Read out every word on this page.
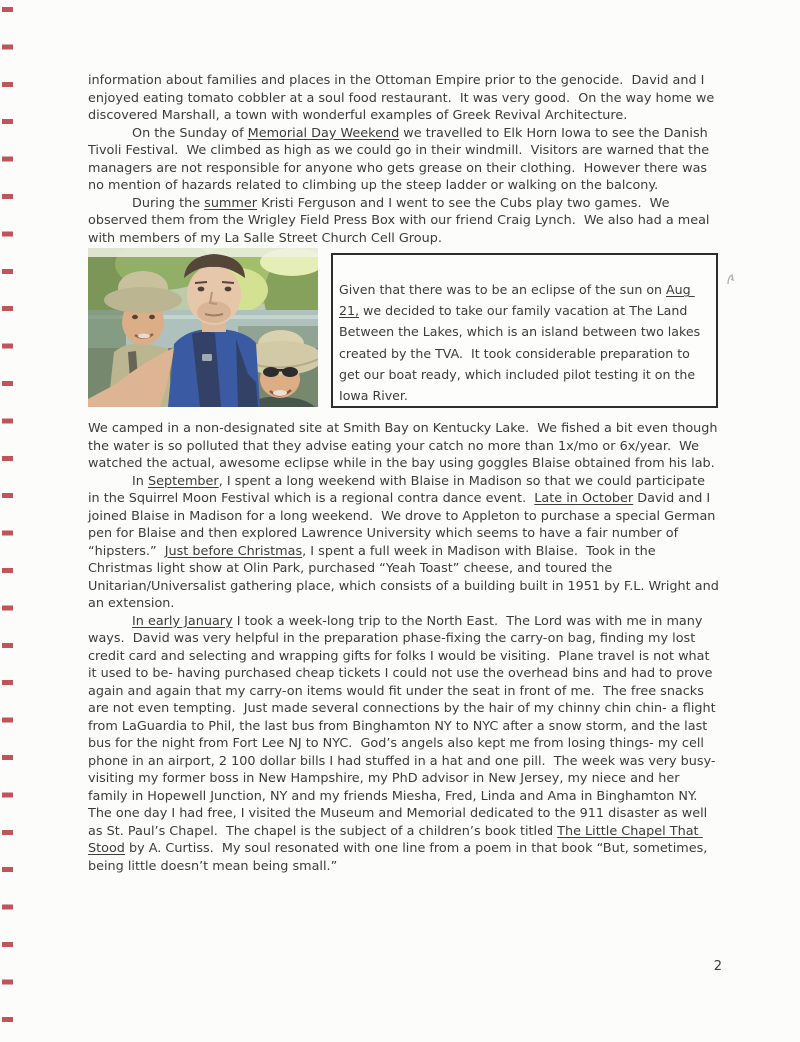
information about families and places in the Ottoman Empire prior to the genocide.  David and I enjoyed eating tomato cobbler at a soul food restaurant.  It was very good.  On the way home we discovered Marshall, a town with wonderful examples of Greek Revival Architecture.

On the Sunday of Memorial Day Weekend we travelled to Elk Horn Iowa to see the Danish Tivoli Festival.  We climbed as high as we could go in their windmill.  Visitors are warned that the managers are not responsible for anyone who gets grease on their clothing.  However there was no mention of hazards related to climbing up the steep ladder or walking on the balcony.

During the summer Kristi Ferguson and I went to see the Cubs play two games.  We observed them from the Wrigley Field Press Box with our friend Craig Lynch.  We also had a meal with members of my La Salle Street Church Cell Group.

Given that there was to be an eclipse of the sun on Aug 21, we decided to take our family vacation at The Land Between the Lakes, which is an island between two lakes created by the TVA.  It took considerable preparation to get our boat ready, which included pilot testing it on the Iowa River.

We camped in a non-designated site at Smith Bay on Kentucky Lake.  We fished a bit even though the water is so polluted that they advise eating your catch no more than 1x/mo or 6x/year.  We watched the actual, awesome eclipse while in the bay using goggles Blaise obtained from his lab.

In September, I spent a long weekend with Blaise in Madison so that we could participate in the Squirrel Moon Festival which is a regional contra dance event.  Late in October David and I joined Blaise in Madison for a long weekend.  We drove to Appleton to purchase a special German pen for Blaise and then explored Lawrence University which seems to have a fair number of “hipsters.”  Just before Christmas, I spent a full week in Madison with Blaise.  Took in the Christmas light show at Olin Park, purchased “Yeah Toast” cheese, and toured the Unitarian/Universalist gathering place, which consists of a building built in 1951 by F.L. Wright and an extension.

In early January I took a week-long trip to the North East.  The Lord was with me in many ways.  David was very helpful in the preparation phase-fixing the carry-on bag, finding my lost credit card and selecting and wrapping gifts for folks I would be visiting.  Plane travel is not what it used to be- having purchased cheap tickets I could not use the overhead bins and had to prove again and again that my carry-on items would fit under the seat in front of me.  The free snacks are not even tempting.  Just made several connections by the hair of my chinny chin chin- a flight from LaGuardia to Phil, the last bus from Binghamton NY to NYC after a snow storm, and the last bus for the night from Fort Lee NJ to NYC.  God’s angels also kept me from losing things- my cell phone in an airport, 2 100 dollar bills I had stuffed in a hat and one pill.  The week was very busy- visiting my former boss in New Hampshire, my PhD advisor in New Jersey, my niece and her family in Hopewell Junction, NY and my friends Miesha, Fred, Linda and Ama in Binghamton NY.  The one day I had free, I visited the Museum and Memorial dedicated to the 911 disaster as well as St. Paul’s Chapel.  The chapel is the subject of a children’s book titled The Little Chapel That Stood by A. Curtiss.  My soul resonated with one line from a poem in that book “But, sometimes, being little doesn’t mean being small.”

2
